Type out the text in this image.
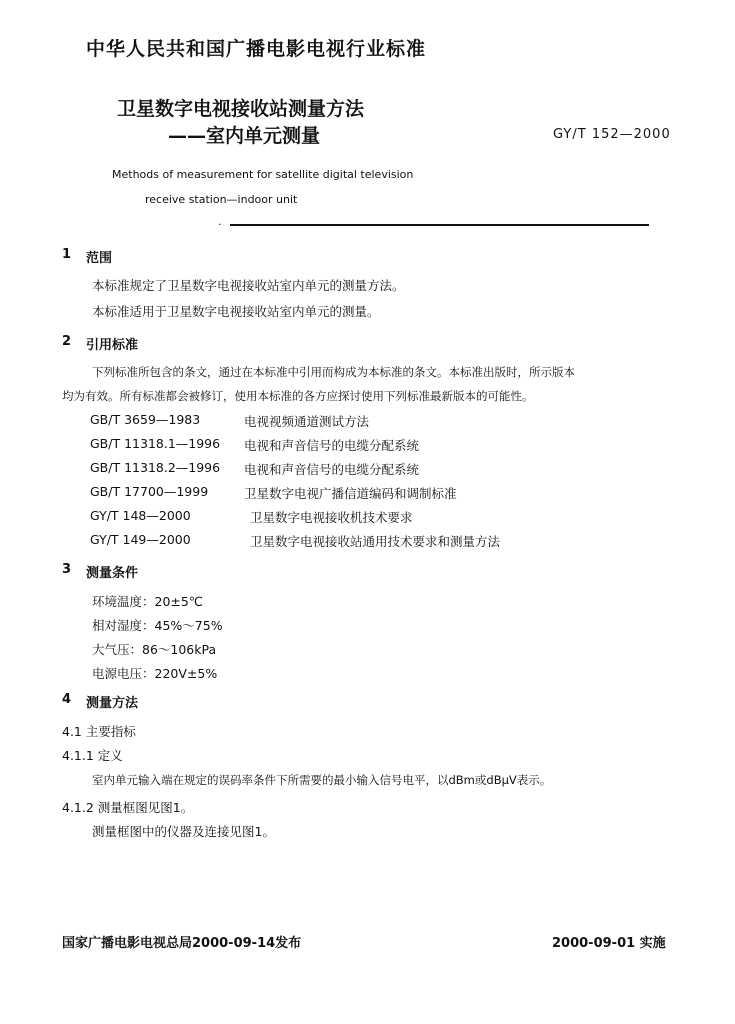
中华人民共和国广播电影电视行业标准
卫星数字电视接收站测量方法
——室内单元测量	GY/T 152—2000
Methods of measurement for satellite digital television
receive station—indoor unit
·
1 范围
本标准规定了卫星数字电视接收站室内单元的测量方法。
本标准适用于卫星数字电视接收站室内单元的测量。
2 引用标准
下列标准所包含的条文，通过在本标准中引用而构成为本标准的条文。本标准出版时，所示版本
均为有效。所有标准都会被修订，使用本标准的各方应探讨使用下列标准最新版本的可能性。
GB/T 3659—1983	电视视频通道测试方法
GB/T 11318.1—1996 电视和声音信号的电缆分配系统
GB/T 11318.2—1996 电视和声音信号的电缆分配系统
GB/T 17700—1999	卫星数字电视广播信道编码和调制标准
GY/T 148—2000	卫星数字电视接收机技术要求
GY/T 149—2000	卫星数字电视接收站通用技术要求和测量方法
3 测量条件
环境温度：20±5℃
相对湿度：45%～75%
大气压：86～106kPa
电源电压：220V±5%
4 测量方法
4.1 主要指标
4.1.1 定义
室内单元输入端在规定的误码率条件下所需要的最小输入信号电平，以dBm或dBμV表示。
4.1.2 测量框图见图1。
测量框图中的仪器及连接见图1。
国家广播电影电视总局2000-09-14发布	2000-09-01 实施
